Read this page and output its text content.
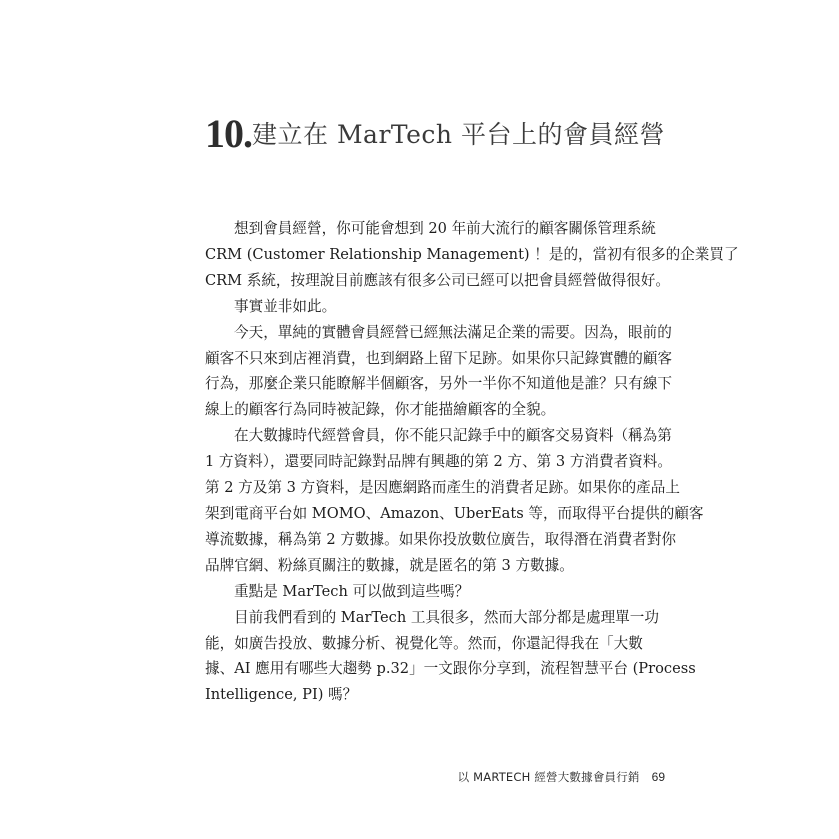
10.建立在 MarTech 平台上的會員經營

想到會員經營，你可能會想到 20 年前大流行的顧客關係管理系統
CRM (Customer Relationship Management) ！是的，當初有很多的企業買了
CRM 系統，按理說目前應該有很多公司已經可以把會員經營做得很好。

事實並非如此。

今天，單純的實體會員經營已經無法滿足企業的需要。因為，眼前的
顧客不只來到店裡消費，也到網路上留下足跡。如果你只記錄實體的顧客
行為，那麼企業只能瞭解半個顧客，另外一半你不知道他是誰？只有線下
線上的顧客行為同時被記錄，你才能描繪顧客的全貌。

在大數據時代經營會員，你不能只記錄手中的顧客交易資料（稱為第
1 方資料），還要同時記錄對品牌有興趣的第 2 方、第 3 方消費者資料。
第 2 方及第 3 方資料，是因應網路而產生的消費者足跡。如果你的產品上
架到電商平台如 MOMO、Amazon、UberEats 等，而取得平台提供的顧客
導流數據，稱為第 2 方數據。如果你投放數位廣告，取得潛在消費者對你
品牌官網、粉絲頁關注的數據，就是匿名的第 3 方數據。

重點是 MarTech 可以做到這些嗎？

目前我們看到的 MarTech 工具很多，然而大部分都是處理單一功
能，如廣告投放、數據分析、視覺化等。然而，你還記得我在「大數
據、AI 應用有哪些大趨勢 p.32」一文跟你分享到，流程智慧平台 (Process
Intelligence, PI) 嗎？

以 MARTECH 經營大數據會員行銷 69
